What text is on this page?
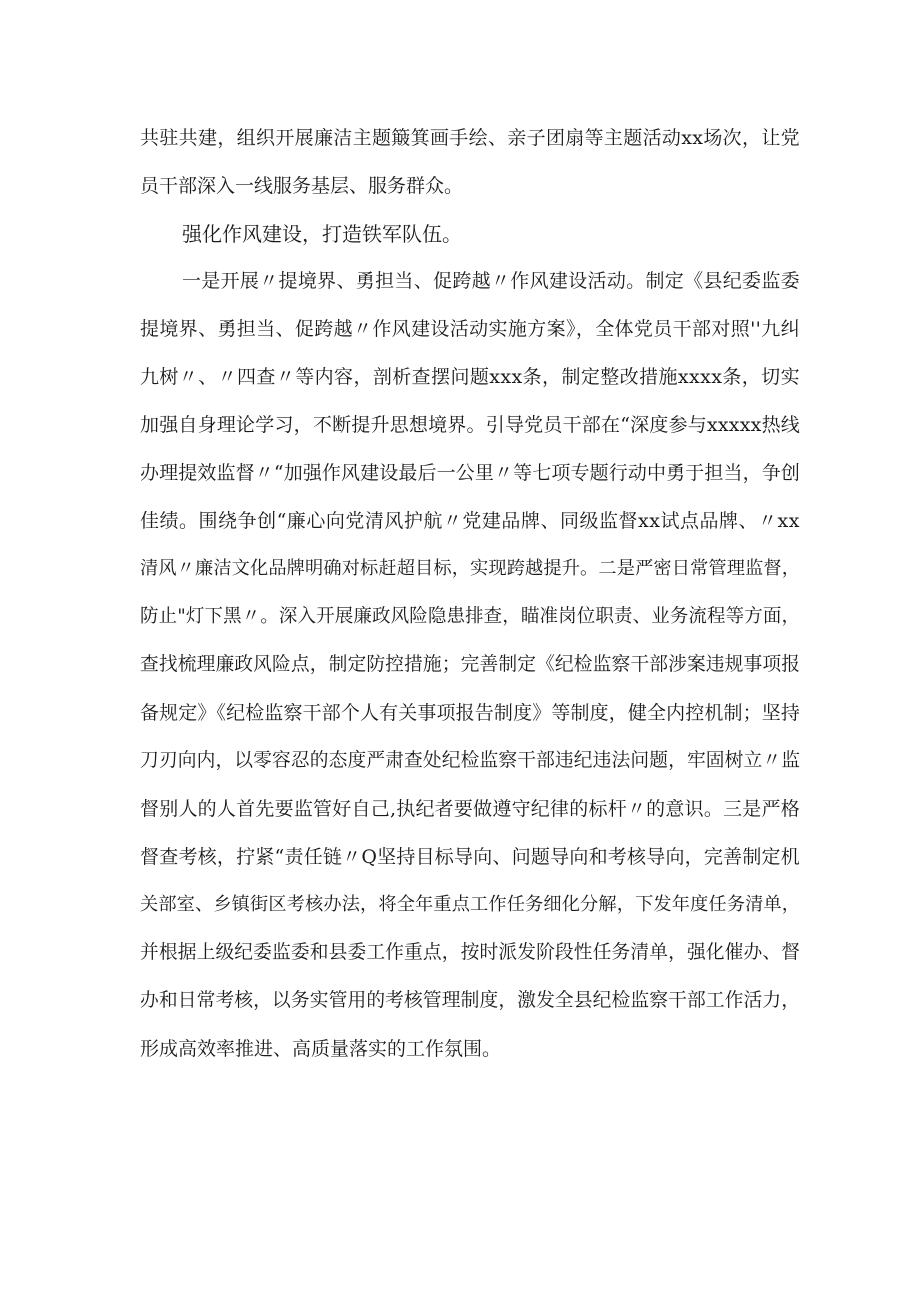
共驻共建，组织开展廉洁主题簸箕画手绘、亲子团扇等主题活动xx场次，让党
员干部深入一线服务基层、服务群众。
强化作风建设，打造铁军队伍。
一是开展〃提境界、勇担当、促跨越〃作风建设活动。制定《县纪委监委
提境界、勇担当、促跨越〃作风建设活动实施方案》，全体党员干部对照''九纠
九树〃、〃四查〃等内容，剖析查摆问题xxx条，制定整改措施xxxx条，切实
加强自身理论学习，不断提升思想境界。引导党员干部在“深度参与xxxxx热线
办理提效监督〃“加强作风建设最后一公里〃等七项专题行动中勇于担当，争创
佳绩。围绕争创“廉心向党清风护航〃党建品牌、同级监督xx试点品牌、〃xx
清风〃廉洁文化品牌明确对标赶超目标，实现跨越提升。二是严密日常管理监督，
防止"灯下黑〃。深入开展廉政风险隐患排查，瞄准岗位职责、业务流程等方面，
查找梳理廉政风险点，制定防控措施；完善制定《纪检监察干部涉案违规事项报
备规定》《纪检监察干部个人有关事项报告制度》等制度，健全内控机制；坚持
刀刃向内，以零容忍的态度严肃查处纪检监察干部违纪违法问题，牢固树立〃监
督别人的人首先要监管好自己,执纪者要做遵守纪律的标杆〃的意识。三是严格
督查考核，拧紧“责任链〃Q坚持目标导向、问题导向和考核导向，完善制定机
关部室、乡镇街区考核办法，将全年重点工作任务细化分解，下发年度任务清单，
并根据上级纪委监委和县委工作重点，按时派发阶段性任务清单，强化催办、督
办和日常考核，以务实管用的考核管理制度，激发全县纪检监察干部工作活力，
形成高效率推进、高质量落实的工作氛围。
